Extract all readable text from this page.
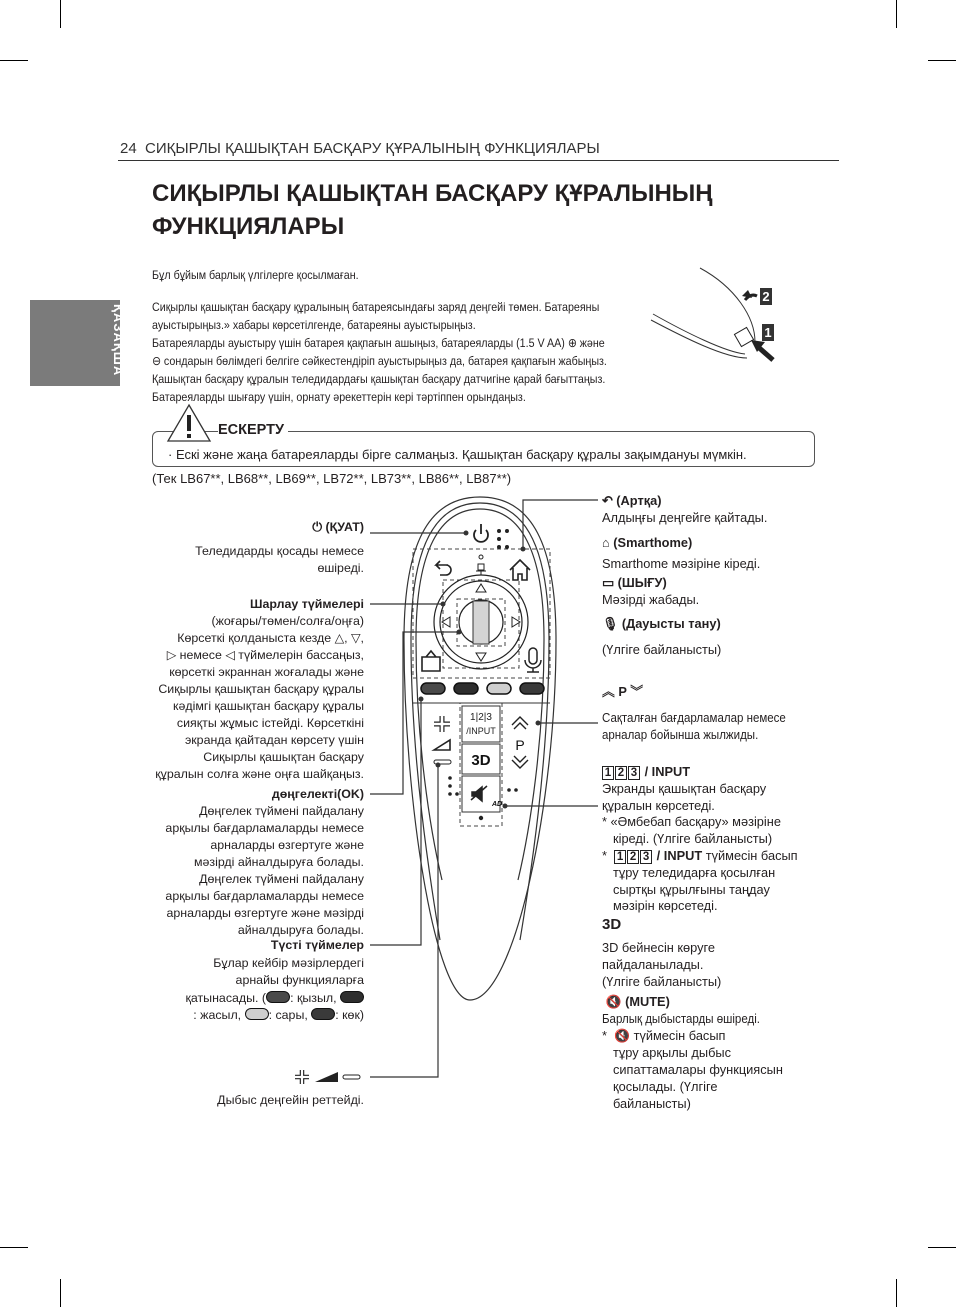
24 СИҚЫРЛЫ ҚАШЫҚТАН БАСҚАРУ ҚҰРАЛЫНЫҢ ФУНКЦИЯЛАРЫ
ҚАЗАҚША
СИҚЫРЛЫ ҚАШЫҚТАН БАСҚАРУ ҚҰРАЛЫНЫҢ
ФУНКЦИЯЛАРЫ
Бұл бұйым барлық үлгілерге қосылмаған.
Сиқырлы қашықтан басқару құралының батареясындағы заряд деңгейі төмен. Батареяны
ауыстырыңыз.» хабары көрсетілгенде, батареяны ауыстырыңыз.
Батареяларды ауыстыру үшін батарея қақпағын ашыңыз, батареяларды (1.5 V AA) ⊕ және
⊖ сондарын бөлімдегі белгіге сәйкестендіріп ауыстырыңыз да, батарея қақпағын жабыңыз.
Қашықтан басқару құралын теледидардағы қашықтан басқару датчигіне қарай бағыттаңыз.
Батареяларды шығару үшін, орнату әрекеттерін кері тәртіппен орындаңыз.
2
1
ЕСКЕРТУ
· Ескі және жаңа батареяларды бірге салмаңыз. Қашықтан басқару құралы зақымдануы мүмкін.
(Тек LB67**, LB68**, LB69**, LB72**, LB73**, LB86**, LB87**)
1|2|3
/INPUT
3D
AD
P
⏻ (ҚУАТ)
Теледидарды қосады немесе
өшіреді.
Шарлау түймелері
(жоғары/төмен/солға/оңға)
Көрсеткі қолданыста кезде △, ▽,
▷ немесе ◁ түймелерін бассаңыз,
көрсеткі экраннан жоғалады және
Сиқырлы қашықтан басқару құралы
кәдімгі қашықтан басқару құралы
сияқты жұмыс істейді. Көрсеткіні
экранда қайтадан көрсету үшін
Сиқырлы қашықтан басқару
құралын солға және оңға шайқаңыз.
дөңгелекті(OK)
Дөңгелек түймені пайдалану
арқылы бағдарламаларды немесе
арналарды өзгертуге және
мәзірді айналдыруға болады.
Дөңгелек түймені пайдалану
арқылы бағдарламаларды немесе
арналарды өзгертуге және мәзірді
айналдыруға болады.
Түсті түймелер
Бұлар кейбір мәзірлердегі
арнайы функцияларға
қатынасады. ( : қызыл,
: жасыл, : сары, : көк)
Дыбыс деңгейін реттейді.
↶ (Артқа)
Алдыңғы деңгейге қайтады.
⌂ (Smarthome)
Smarthome мәзіріне кіреді.
▭ (ШЫҒУ)
Мәзірді жабады.
🎙 (Дауысты тану)
(Үлгіге байланысты)
︽ P ︾
Сақталған бағдарламалар немесе
арналар бойынша жылжиды.
1 2 3 / INPUT
Экранды қашықтан басқару
құралын көрсетеді.
* «Әмбебап басқару» мәзіріне
кіреді. (Үлгіге байланысты)
*  1 2 3 / INPUT түймесін басып
тұру теледидарға қосылған
сыртқы құрылғыны таңдау
мәзірін көрсетеді.
3D
3D бейнесін көруге
пайдаланылады.
(Үлгіге байланысты)
🔇 (MUTE)
Барлық дыбыстарды өшіреді.
*  🔇 түймесін басып
тұру арқылы дыбыс
сипаттамалары функциясын
қосылады. (Үлгіге
байланысты)
